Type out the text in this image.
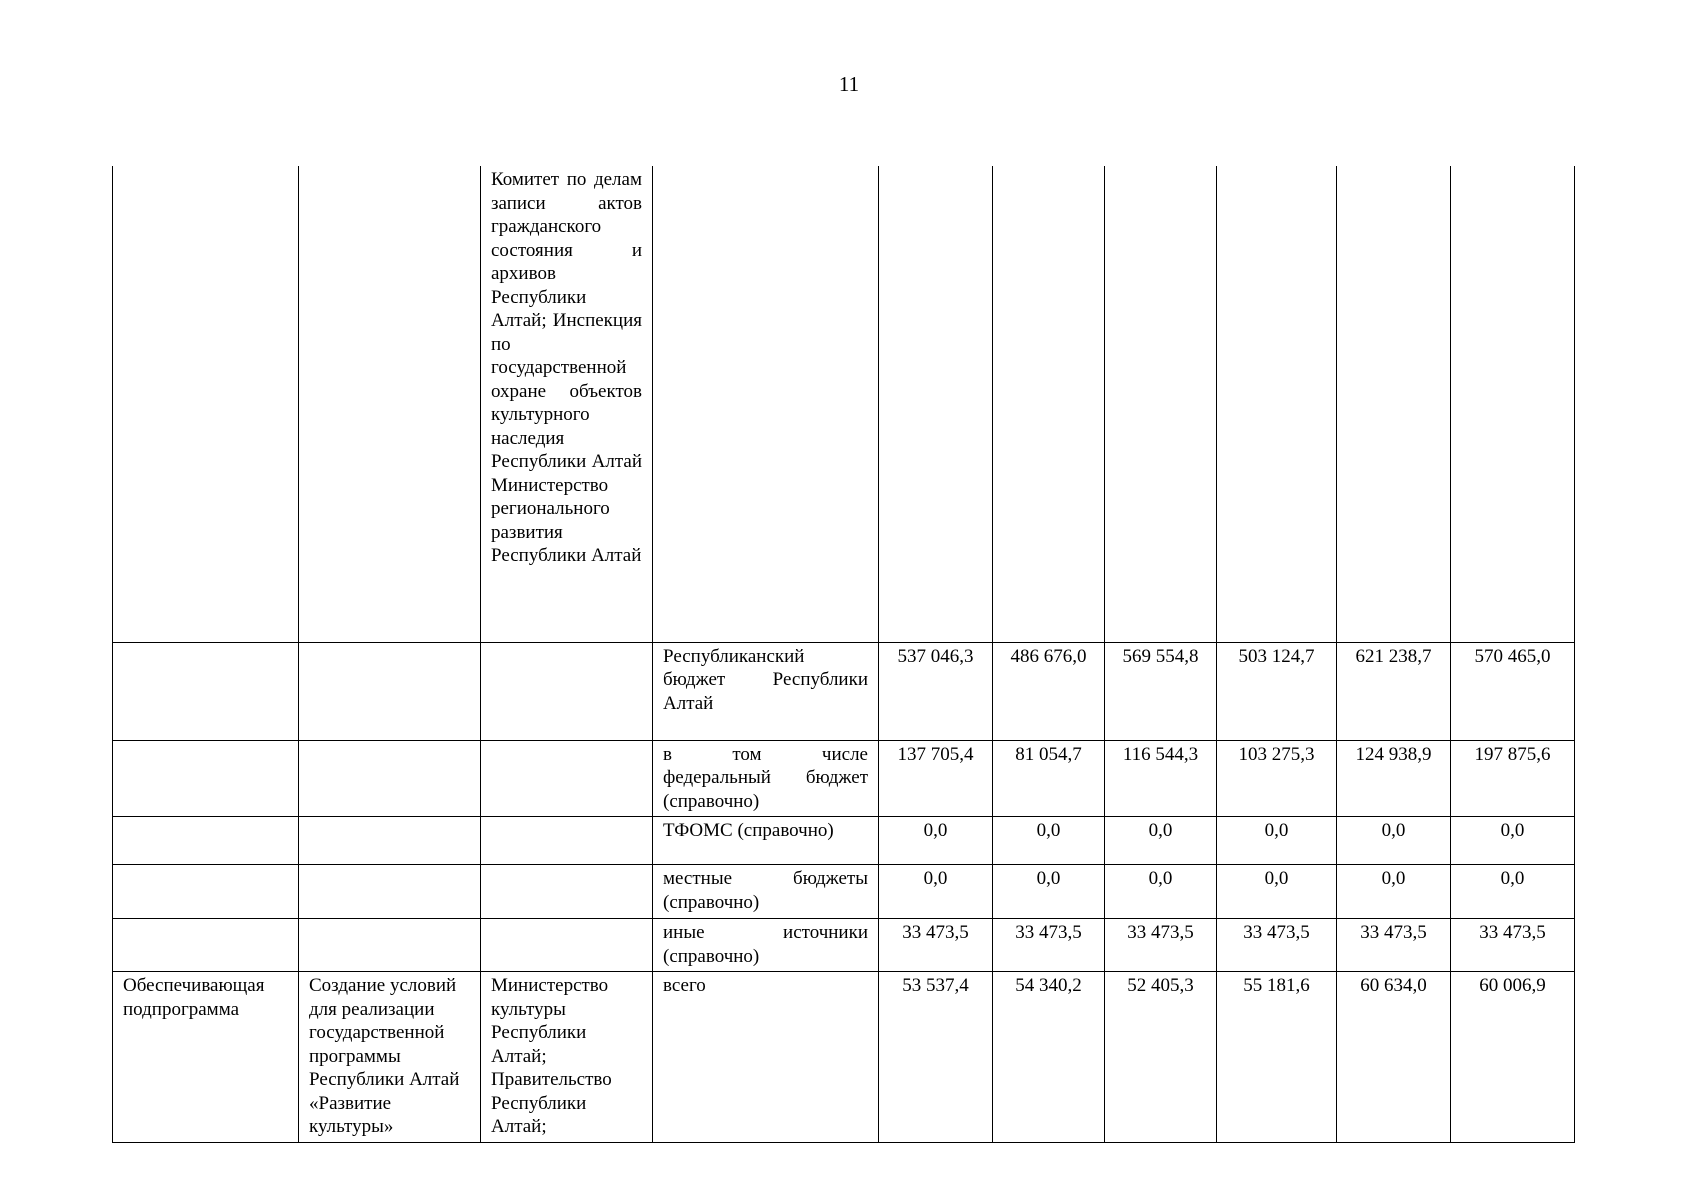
11
		Комитет по делам записи актов гражданского состояния и архивов Республики Алтай; Инспекция по государственной охране объектов культурного наследия Республики Алтай Министерство регионального развития Республики Алтай							
			Республиканский бюджет Республики Алтай	537 046,3	486 676,0	569 554,8	503 124,7	621 238,7	570 465,0
			в том числе федеральный бюджет (справочно)	137 705,4	81 054,7	116 544,3	103 275,3	124 938,9	197 875,6
			ТФОМС (справочно)	0,0	0,0	0,0	0,0	0,0	0,0
			местные бюджеты (справочно)	0,0	0,0	0,0	0,0	0,0	0,0
			иные источники (справочно)	33 473,5	33 473,5	33 473,5	33 473,5	33 473,5	33 473,5
Обеспечивающая подпрограмма	Создание условий для реализации государственной программы Республики Алтай «Развитие культуры»	Министерство культуры Республики Алтай; Правительство Республики Алтай;	всего	53 537,4	54 340,2	52 405,3	55 181,6	60 634,0	60 006,9
